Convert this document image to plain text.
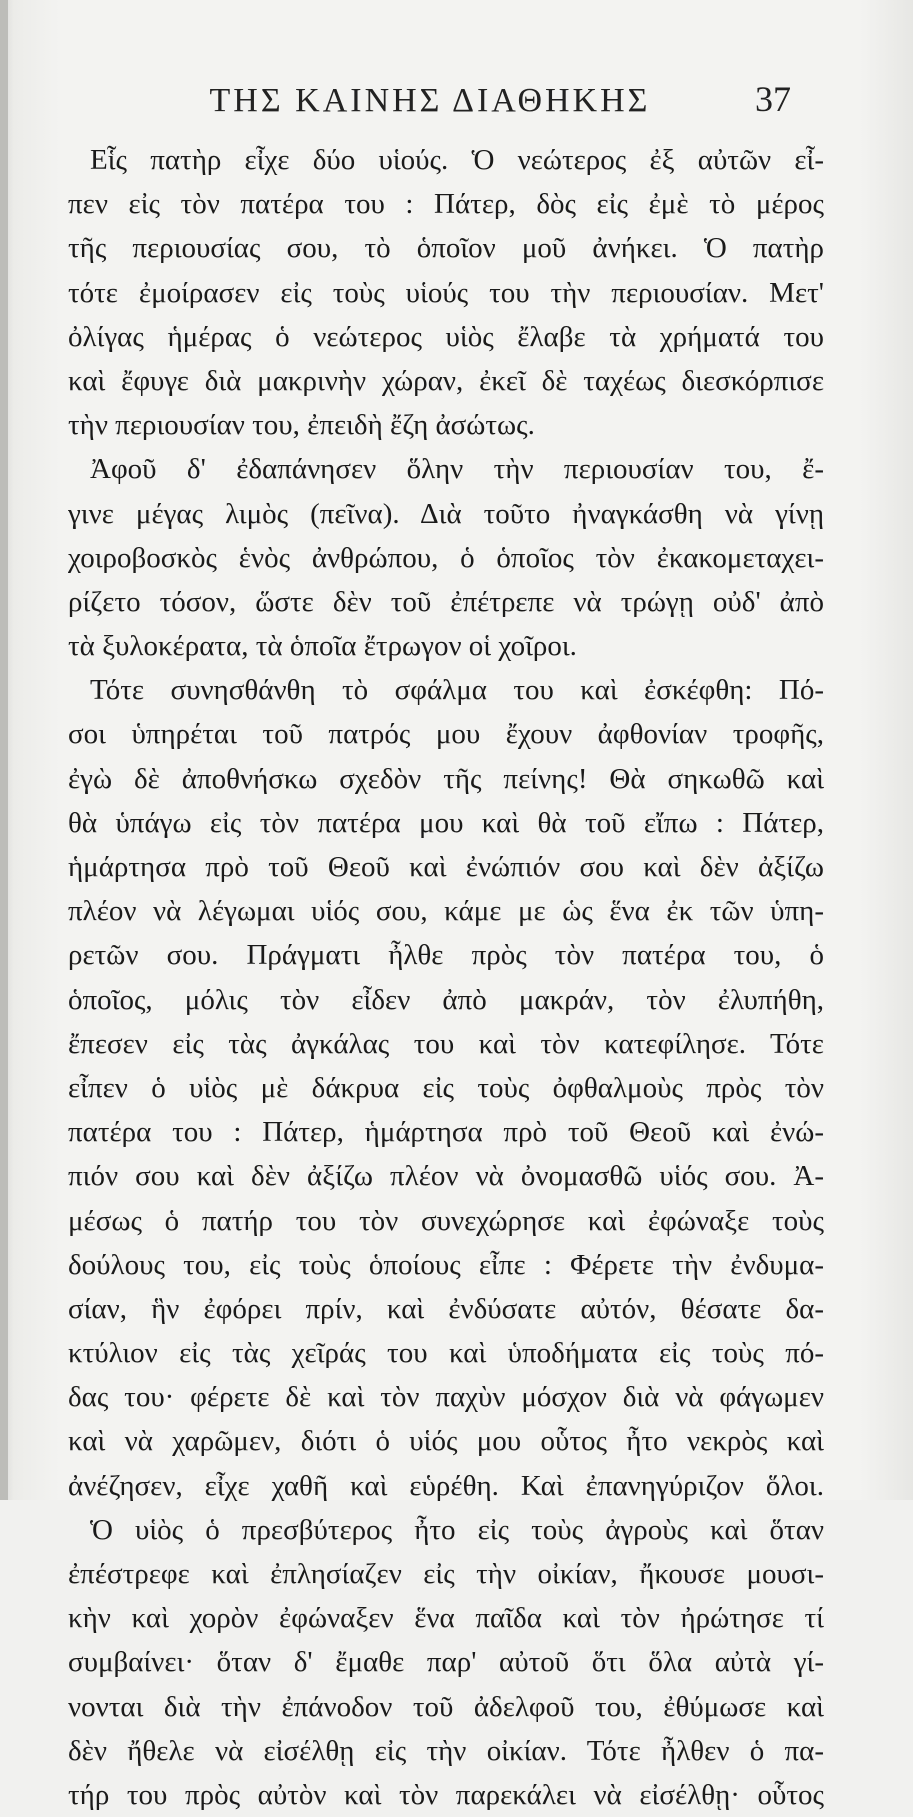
ΤΗΣ ΚΑΙΝΗΣ ΔΙΑΘΗΚΗΣ	37
Εἷς πατὴρ εἶχε δύο υἱούς. Ὁ νεώτερος ἐξ αὐτῶν εἶ-
πεν εἰς τὸν πατέρα του : Πάτερ, δὸς εἰς ἐμὲ τὸ μέρος
τῆς περιουσίας σου, τὸ ὁποῖον μοῦ ἀνήκει. Ὁ πατὴρ
τότε ἐμοίρασεν εἰς τοὺς υἱούς του τὴν περιουσίαν. Μετ'
ὀλίγας ἡμέρας ὁ νεώτερος υἱὸς ἔλαβε τὰ χρήματά του
καὶ ἔφυγε διὰ μακρινὴν χώραν, ἐκεῖ δὲ ταχέως διεσκόρπισε
τὴν περιουσίαν του, ἐπειδὴ ἔζη ἀσώτως.
Ἀφοῦ δ' ἐδαπάνησεν ὅλην τὴν περιουσίαν του, ἔ-
γινε μέγας λιμὸς (πεῖνα). Διὰ τοῦτο ἠναγκάσθη νὰ γίνῃ
χοιροβοσκὸς ἑνὸς ἀνθρώπου, ὁ ὁποῖος τὸν ἐκακομεταχει-
ρίζετο τόσον, ὥστε δὲν τοῦ ἐπέτρεπε νὰ τρώγῃ οὐδ' ἀπὸ
τὰ ξυλοκέρατα, τὰ ὁποῖα ἔτρωγον οἱ χοῖροι.
Τότε συνησθάνθη τὸ σφάλμα του καὶ ἐσκέφθη: Πό-
σοι ὑπηρέται τοῦ πατρός μου ἔχουν ἀφθονίαν τροφῆς,
ἐγὼ δὲ ἀποθνήσκω σχεδὸν τῆς πείνης! Θὰ σηκωθῶ καὶ
θὰ ὑπάγω εἰς τὸν πατέρα μου καὶ θὰ τοῦ εἴπω : Πάτερ,
ἡμάρτησα πρὸ τοῦ Θεοῦ καὶ ἐνώπιόν σου καὶ δὲν ἀξίζω
πλέον νὰ λέγωμαι υἱός σου, κάμε με ὡς ἕνα ἐκ τῶν ὑπη-
ρετῶν σου. Πράγματι ἦλθε πρὸς τὸν πατέρα του, ὁ
ὁποῖος, μόλις τὸν εἶδεν ἀπὸ μακράν, τὸν ἐλυπήθη,
ἔπεσεν εἰς τὰς ἀγκάλας του καὶ τὸν κατεφίλησε. Τότε
εἶπεν ὁ υἱὸς μὲ δάκρυα εἰς τοὺς ὀφθαλμοὺς πρὸς τὸν
πατέρα του : Πάτερ, ἡμάρτησα πρὸ τοῦ Θεοῦ καὶ ἐνώ-
πιόν σου καὶ δὲν ἀξίζω πλέον νὰ ὀνομασθῶ υἱός σου. Ἀ-
μέσως ὁ πατήρ του τὸν συνεχώρησε καὶ ἐφώναξε τοὺς
δούλους του, εἰς τοὺς ὁποίους εἶπε : Φέρετε τὴν ἐνδυμα-
σίαν, ἣν ἐφόρει πρίν, καὶ ἐνδύσατε αὐτόν, θέσατε δα-
κτύλιον εἰς τὰς χεῖράς του καὶ ὑποδήματα εἰς τοὺς πό-
δας του· φέρετε δὲ καὶ τὸν παχὺν μόσχον διὰ νὰ φάγωμεν
καὶ νὰ χαρῶμεν, διότι ὁ υἱός μου οὗτος ἦτο νεκρὸς καὶ
ἀνέζησεν, εἶχε χαθῆ καὶ εὑρέθη. Καὶ ἐπανηγύριζον ὅλοι.
Ὁ υἱὸς ὁ πρεσβύτερος ἦτο εἰς τοὺς ἀγροὺς καὶ ὅταν
ἐπέστρεφε καὶ ἐπλησίαζεν εἰς τὴν οἰκίαν, ἤκουσε μουσι-
κὴν καὶ χορὸν ἐφώναξεν ἕνα παῖδα καὶ τὸν ἠρώτησε τί
συμβαίνει· ὅταν δ' ἔμαθε παρ' αὐτοῦ ὅτι ὅλα αὐτὰ γί-
νονται διὰ τὴν ἐπάνοδον τοῦ ἀδελφοῦ του, ἐθύμωσε καὶ
δὲν ἤθελε νὰ εἰσέλθῃ εἰς τὴν οἰκίαν. Τότε ἦλθεν ὁ πα-
τήρ του πρὸς αὐτὸν καὶ τὸν παρεκάλει νὰ εἰσέλθῃ· οὗτος
